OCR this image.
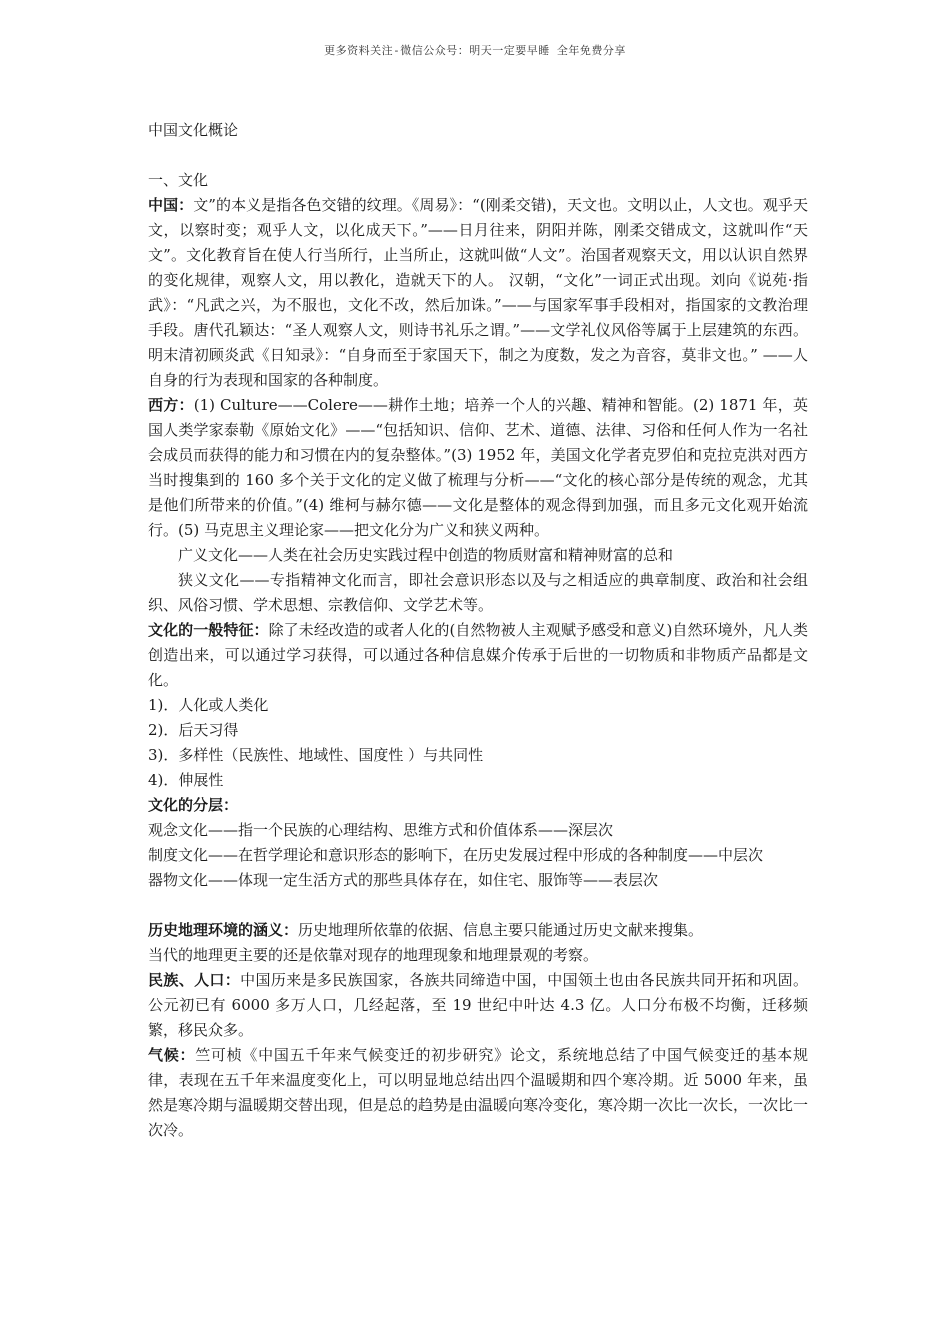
更多资料关注-微信公众号：明天一定要早睡 全年免费分享

中国文化概论

一、文化

中国：文”的本义是指各色交错的纹理。《周易》：“(刚柔交错)，天文也。文明以止，人文也。观乎天文，以察时变；观乎人文，以化成天下。”——日月往来，阴阳并陈，刚柔交错成文，这就叫作“天文”。文化教育旨在使人行当所行，止当所止，这就叫做“人文”。治国者观察天文，用以认识自然界的变化规律，观察人文，用以教化，造就天下的人。 汉朝，“文化”一词正式出现。刘向《说苑·指武》：“凡武之兴，为不服也，文化不改，然后加诛。”——与国家军事手段相对，指国家的文教治理手段。唐代孔颖达：“圣人观察人文，则诗书礼乐之谓。”——文学礼仪风俗等属于上层建筑的东西。明末清初顾炎武《日知录》：“自身而至于家国天下，制之为度数，发之为音容，莫非文也。” ——人自身的行为表现和国家的各种制度。

西方：(1) Culture——Colere——耕作土地；培养一个人的兴趣、精神和智能。(2) 1871 年，英国人类学家泰勒《原始文化》——“包括知识、信仰、艺术、道德、法律、习俗和任何人作为一名社会成员而获得的能力和习惯在内的复杂整体。”(3) 1952 年，美国文化学者克罗伯和克拉克洪对西方当时搜集到的 160 多个关于文化的定义做了梳理与分析——“文化的核心部分是传统的观念，尤其是他们所带来的价值。”(4) 维柯与赫尔德——文化是整体的观念得到加强，而且多元文化观开始流行。(5) 马克思主义理论家——把文化分为广义和狭义两种。

广义文化——人类在社会历史实践过程中创造的物质财富和精神财富的总和

狭义文化——专指精神文化而言，即社会意识形态以及与之相适应的典章制度、政治和社会组织、风俗习惯、学术思想、宗教信仰、文学艺术等。

文化的一般特征：除了未经改造的或者人化的(自然物被人主观赋予感受和意义)自然环境外，凡人类创造出来，可以通过学习获得，可以通过各种信息媒介传承于后世的一切物质和非物质产品都是文化。

1)．人化或人类化

2)．后天习得

3)．多样性（民族性、地域性、国度性 ）与共同性

4)．伸展性

文化的分层：

观念文化——指一个民族的心理结构、思维方式和价值体系——深层次

制度文化——在哲学理论和意识形态的影响下，在历史发展过程中形成的各种制度——中层次

器物文化——体现一定生活方式的那些具体存在，如住宅、服饰等——表层次

历史地理环境的涵义：历史地理所依靠的依据、信息主要只能通过历史文献来搜集。

当代的地理更主要的还是依靠对现存的地理现象和地理景观的考察。

民族、人口：中国历来是多民族国家，各族共同缔造中国，中国领土也由各民族共同开拓和巩固。公元初已有 6000 多万人口，几经起落，至 19 世纪中叶达 4.3 亿。人口分布极不均衡，迁移频繁，移民众多。

气候：竺可桢《中国五千年来气候变迁的初步研究》论文，系统地总结了中国气候变迁的基本规律，表现在五千年来温度变化上，可以明显地总结出四个温暖期和四个寒冷期。近 5000 年来，虽然是寒冷期与温暖期交替出现，但是总的趋势是由温暖向寒冷变化，寒冷期一次比一次长，一次比一次冷。
